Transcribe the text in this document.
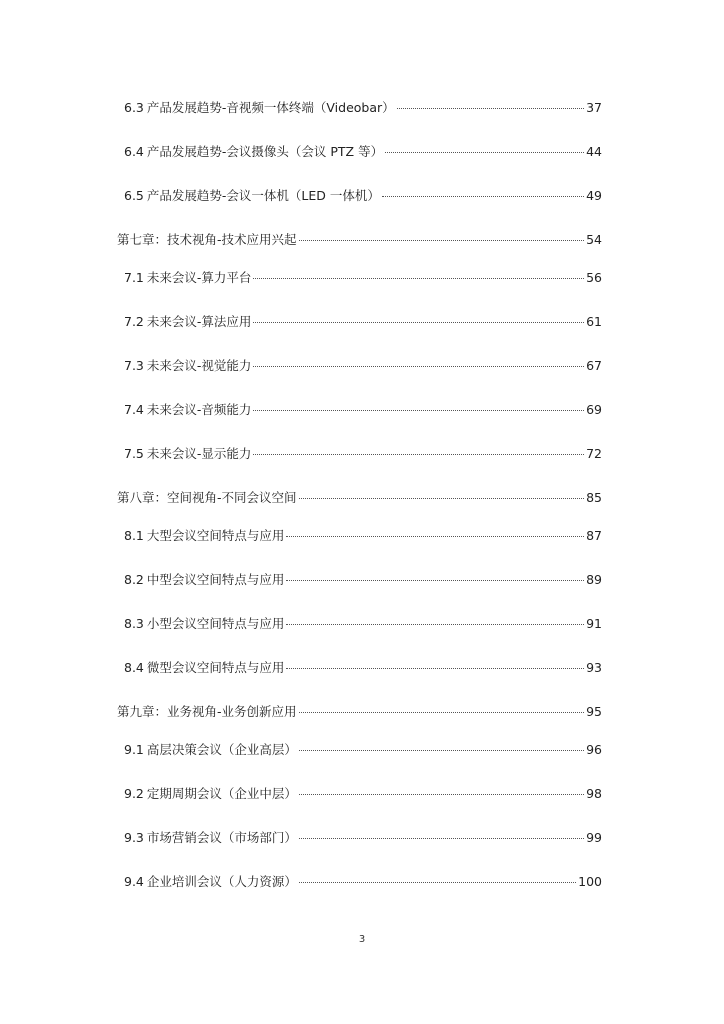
6.3 产品发展趋势-音视频一体终端（Videobar）	37
6.4 产品发展趋势-会议摄像头（会议 PTZ 等）	44
6.5 产品发展趋势-会议一体机（LED 一体机）	49
第七章：技术视角-技术应用兴起	54
7.1 未来会议-算力平台	56
7.2 未来会议-算法应用	61
7.3 未来会议-视觉能力	67
7.4 未来会议-音频能力	69
7.5 未来会议-显示能力	72
第八章：空间视角-不同会议空间	85
8.1 大型会议空间特点与应用	87
8.2 中型会议空间特点与应用	89
8.3 小型会议空间特点与应用	91
8.4 微型会议空间特点与应用	93
第九章：业务视角-业务创新应用	95
9.1 高层决策会议（企业高层）	96
9.2 定期周期会议（企业中层）	98
9.3 市场营销会议（市场部门）	99
9.4 企业培训会议（人力资源）	100
3
